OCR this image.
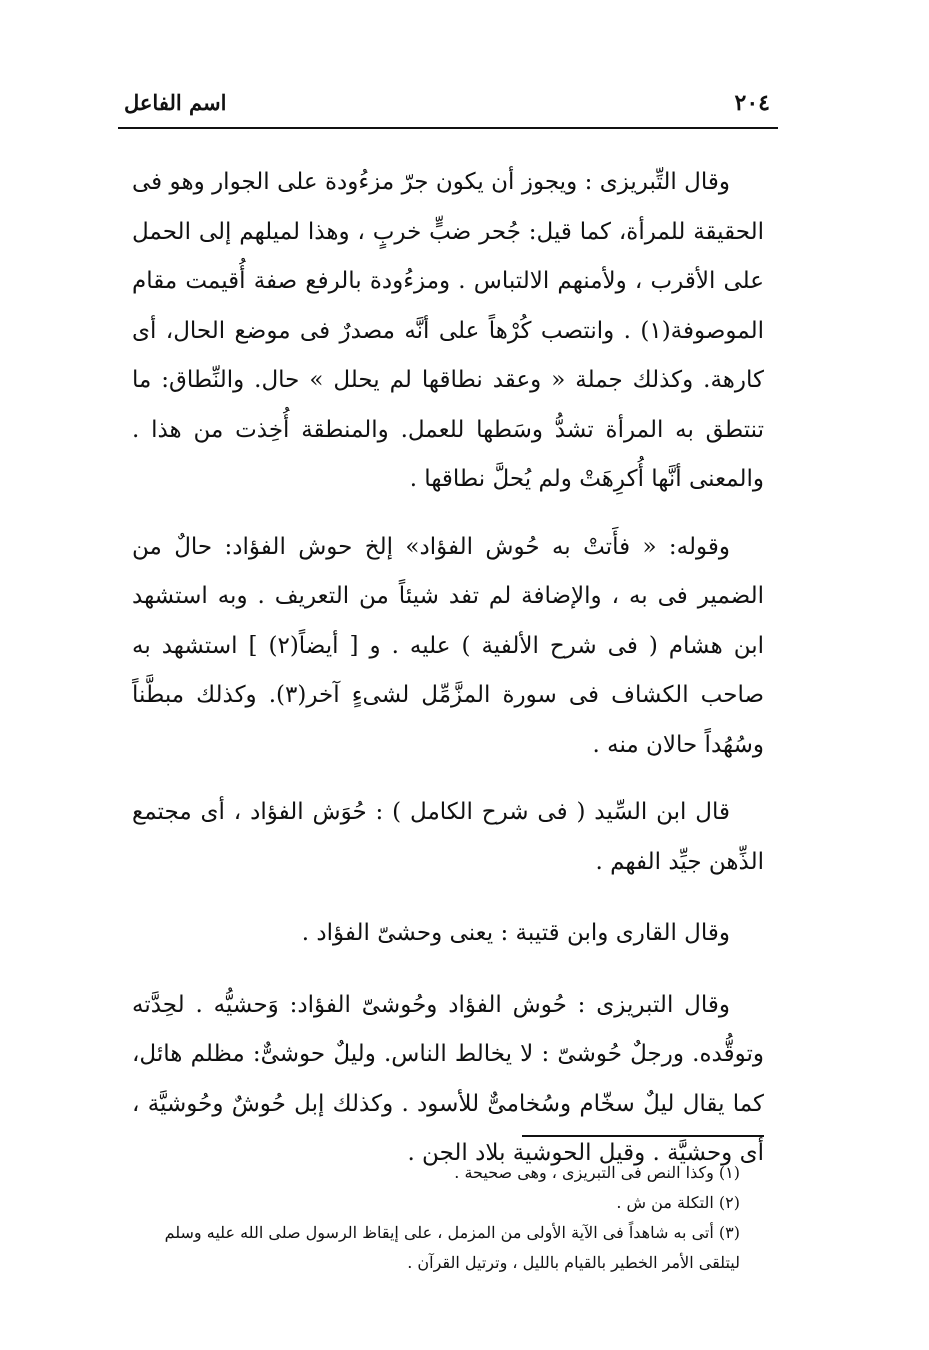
٢٠٤
اسم الفاعل

وقال التِّبريزى : ويجوز أن يكون جرّ مزءُودة على الجوار وهو فى الحقيقة للمرأة، كما قيل: جُحر ضبٍّ خربٍ ، وهذا لميلهم إلى الحمل على الأقرب ، ولأمنهم الالتباس . ومزءُودة بالرفع صفة أُقيمت مقام الموصوفة(١) . وانتصب كُرْهاً على أنَّه مصدرٌ فى موضع الحال، أى كارهة. وكذلك جملة « وعقد نطاقها لم يحلل » حال. والنِّطاق: ما تنتطق به المرأة تشدُّ وسَطها للعمل. والمنطقة أُخِذت من هذا . والمعنى أنَّها أُكرِهَتْ ولم يُحلَّ نطاقها .

وقوله: « فأَتتْ به حُوش الفؤاد» إلخ حوش الفؤاد: حالٌ من الضمير فى به ، والإضافة لم تفد شيئاً من التعريف . وبه استشهد ابن هشام ( فى شرح الألفية ) عليه . و [ أيضاً(٢) ] استشهد به صاحب الكشاف فى سورة المزَّمِّل لشىءٍ آخر(٣). وكذلك مبطَّناً وسُهُداً حالان منه .

قال ابن السِّيد ( فى شرح الكامل ) : حُوَش الفؤاد ، أى مجتمع الذِّهن جيِّد الفهم .

وقال القارى وابن قتيبة : يعنى وحشىّ الفؤاد .

وقال التبريزى : حُوش الفؤاد وحُوشىّ الفؤاد: وَحشيُّه . لحِدَّته وتوقُّده. ورجلٌ حُوشىّ : لا يخالط الناس. وليلٌ حوشىٌّ: مظلم هائل، كما يقال ليلٌ سخّام وسُخامىٌّ للأسود . وكذلك إبل حُوشٌ وحُوشيَّة ، أى وحشيَّة . وقيل الحوشية بلاد الجن .

(١) وكذا النص فى التبريزى ، وهى صحيحة .

(٢) التكلة من ش .

(٣) أتى به شاهداً فى الآية الأولى من المزمل ، على إيقاظ الرسول صلى الله عليه وسلم ليتلقى الأمر الخطير بالقيام بالليل ، وترتيل القرآن .
